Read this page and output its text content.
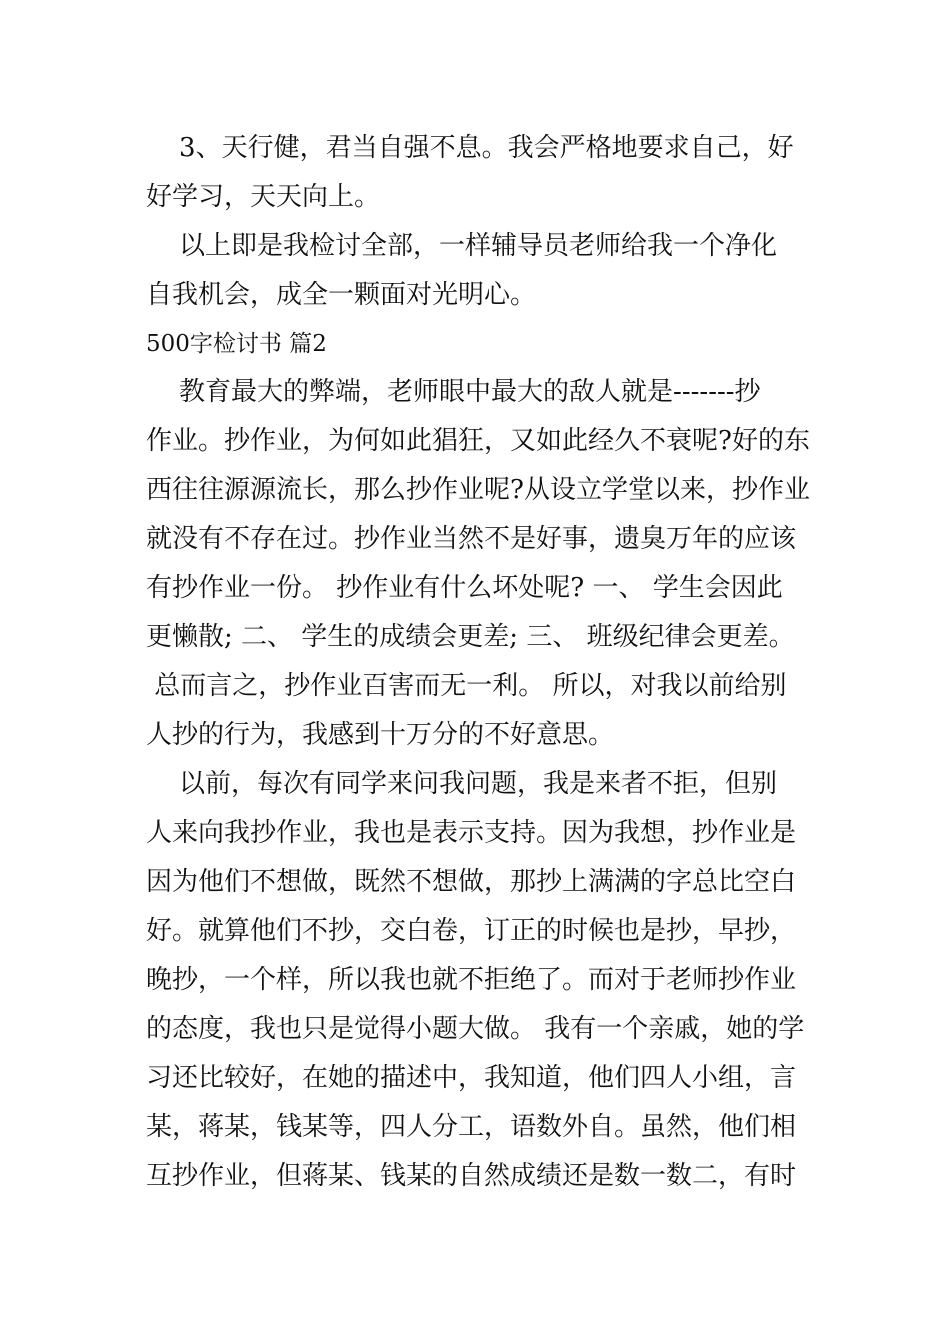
3、天行健，君当自强不息。我会严格地要求自己，好
好学习，天天向上。
以上即是我检讨全部，一样辅导员老师给我一个净化
自我机会，成全一颗面对光明心。
500字检讨书 篇2
教育最大的弊端，老师眼中最大的敌人就是-------抄
作业。抄作业，为何如此猖狂，又如此经久不衰呢?好的东
西往往源源流长，那么抄作业呢?从设立学堂以来，抄作业
就没有不存在过。抄作业当然不是好事，遗臭万年的应该
有抄作业一份。 抄作业有什么坏处呢? 一、 学生会因此
更懒散; 二、 学生的成绩会更差; 三、 班级纪律会更差。
总而言之，抄作业百害而无一利。 所以，对我以前给别
人抄的行为，我感到十万分的不好意思。
以前，每次有同学来问我问题，我是来者不拒，但别
人来向我抄作业，我也是表示支持。因为我想，抄作业是
因为他们不想做，既然不想做，那抄上满满的字总比空白
好。就算他们不抄，交白卷，订正的时候也是抄，早抄，
晚抄，一个样，所以我也就不拒绝了。而对于老师抄作业
的态度，我也只是觉得小题大做。 我有一个亲戚，她的学
习还比较好，在她的描述中，我知道，他们四人小组，言
某，蒋某，钱某等，四人分工，语数外自。虽然，他们相
互抄作业，但蒋某、钱某的自然成绩还是数一数二，有时
